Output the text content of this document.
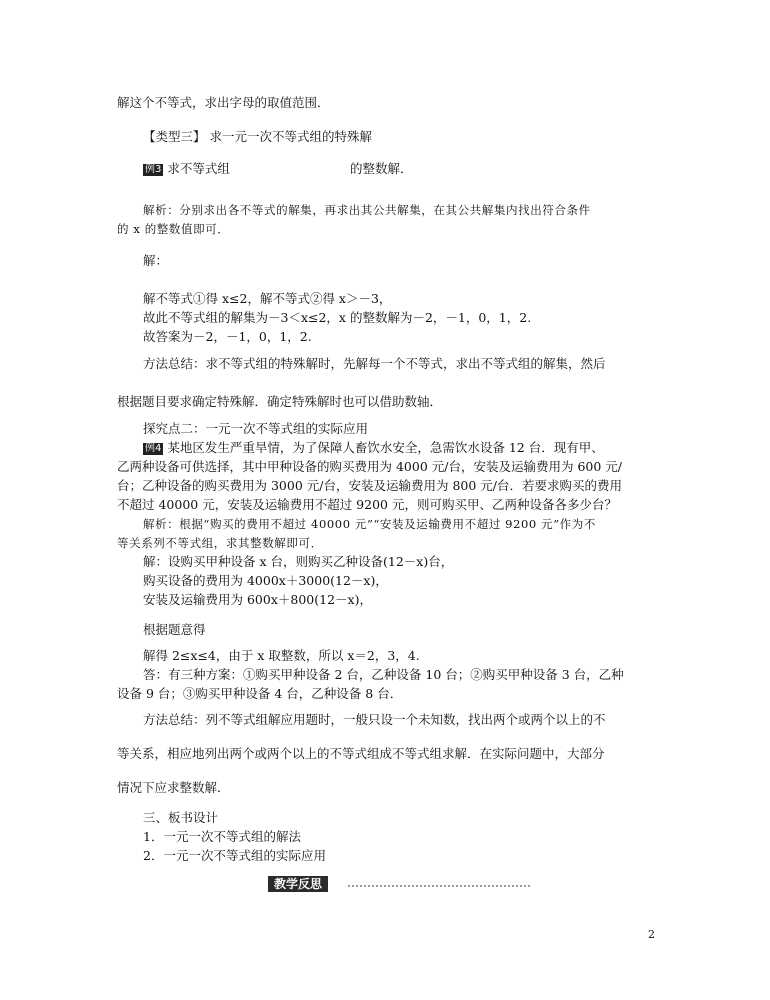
解这个不等式，求出字母的取值范围．
【类型三】 求一元一次不等式组的特殊解
例3 求不等式组	的整数解．
解析：分别求出各不等式的解集，再求出其公共解集，在其公共解集内找出符合条件
的 x 的整数值即可．
解：
解不等式①得 x≤2，解不等式②得 x＞－3，
故此不等式组的解集为－3＜x≤2，x 的整数解为－2，－1，0，1，2.
故答案为－2，－1，0，1，2.
方法总结：求不等式组的特殊解时，先解每一个不等式，求出不等式组的解集，然后
根据题目要求确定特殊解．确定特殊解时也可以借助数轴．
探究点二：一元一次不等式组的实际应用
例4 某地区发生严重旱情，为了保障人畜饮水安全，急需饮水设备 12 台．现有甲、
乙两种设备可供选择，其中甲种设备的购买费用为 4000 元/台，安装及运输费用为 600 元/
台；乙种设备的购买费用为 3000 元/台，安装及运输费用为 800 元/台．若要求购买的费用
不超过 40000 元，安装及运输费用不超过 9200 元，则可购买甲、乙两种设备各多少台？
解析：根据“购买的费用不超过 40000 元”“安装及运输费用不超过 9200 元”作为不
等关系列不等式组，求其整数解即可．
解：设购买甲种设备 x 台，则购买乙种设备(12－x)台，
购买设备的费用为 4000x＋3000(12－x)，
安装及运输费用为 600x＋800(12－x)，
根据题意得
解得 2≤x≤4，由于 x 取整数，所以 x＝2，3，4.
答：有三种方案：①购买甲种设备 2 台，乙种设备 10 台；②购买甲种设备 3 台，乙种
设备 9 台；③购买甲种设备 4 台，乙种设备 8 台．
方法总结：列不等式组解应用题时，一般只设一个未知数，找出两个或两个以上的不
等关系，相应地列出两个或两个以上的不等式组成不等式组求解．在实际问题中，大部分
情况下应求整数解．
三、板书设计
1．一元一次不等式组的解法
2．一元一次不等式组的实际应用
教学反思
2
